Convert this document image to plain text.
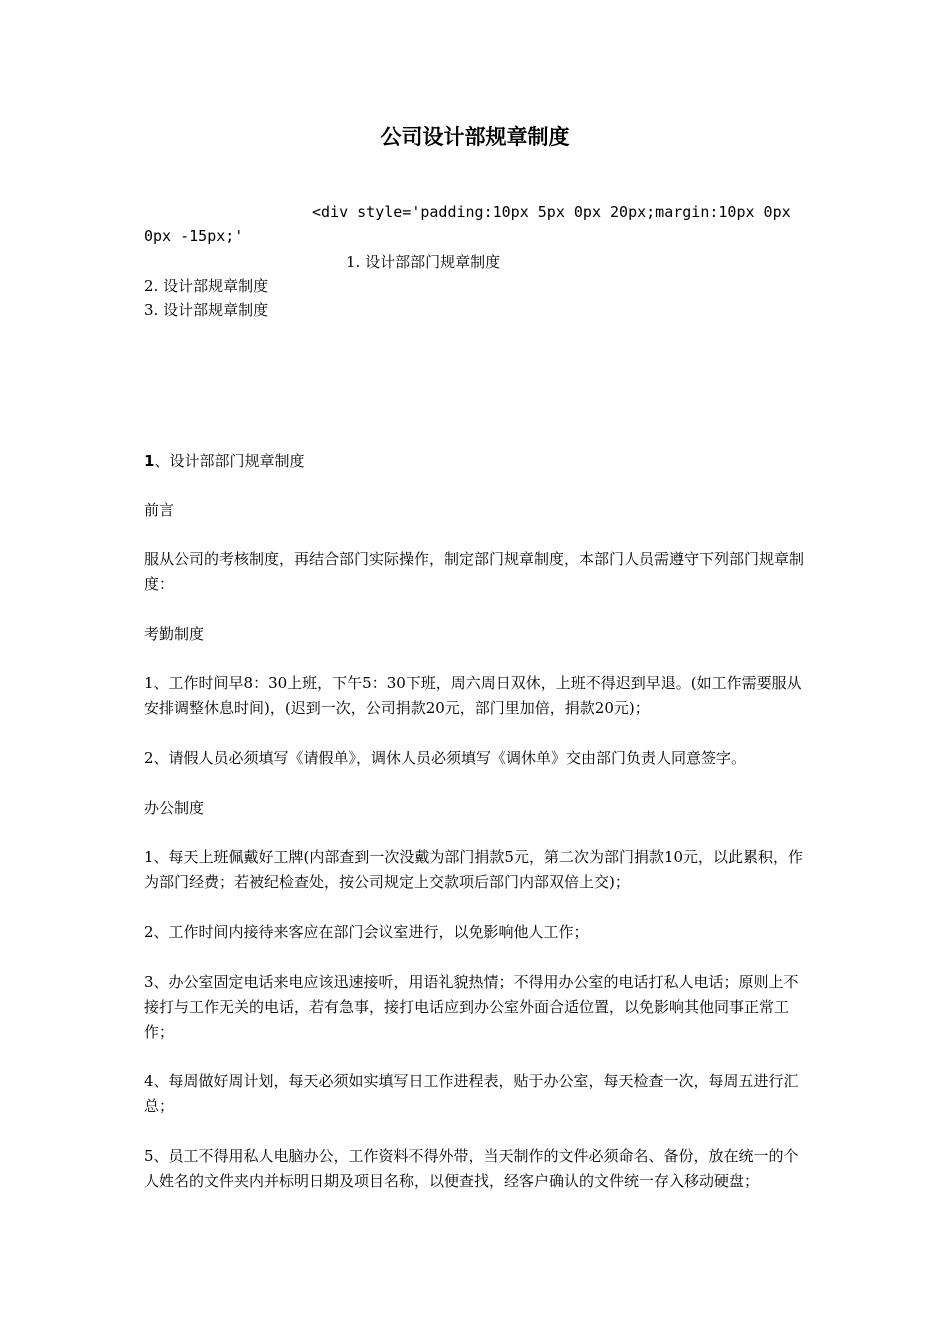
公司设计部规章制度
<div style='padding:10px 5px 0px 20px;margin:10px 0px
0px -15px;'
1. 设计部部门规章制度
2. 设计部规章制度
3. 设计部规章制度
1、设计部部门规章制度
前言
服从公司的考核制度，再结合部门实际操作，制定部门规章制度，本部门人员需遵守下列部门规章制度：
考勤制度
1、工作时间早8：30上班，下午5：30下班，周六周日双休，上班不得迟到早退。(如工作需要服从安排调整休息时间)，(迟到一次，公司捐款20元，部门里加倍，捐款20元)；
2、请假人员必须填写《请假单》，调休人员必须填写《调休单》交由部门负责人同意签字。
办公制度
1、每天上班佩戴好工牌(内部查到一次没戴为部门捐款5元，第二次为部门捐款10元，以此累积，作为部门经费；若被纪检查处，按公司规定上交款项后部门内部双倍上交)；
2、工作时间内接待来客应在部门会议室进行，以免影响他人工作；
3、办公室固定电话来电应该迅速接听，用语礼貌热情；不得用办公室的电话打私人电话；原则上不接打与工作无关的电话，若有急事，接打电话应到办公室外面合适位置，以免影响其他同事正常工作；
4、每周做好周计划，每天必须如实填写日工作进程表，贴于办公室，每天检查一次，每周五进行汇总；
5、员工不得用私人电脑办公，工作资料不得外带，当天制作的文件必须命名、备份，放在统一的个人姓名的文件夹内并标明日期及项目名称，以便查找，经客户确认的文件统一存入移动硬盘；
